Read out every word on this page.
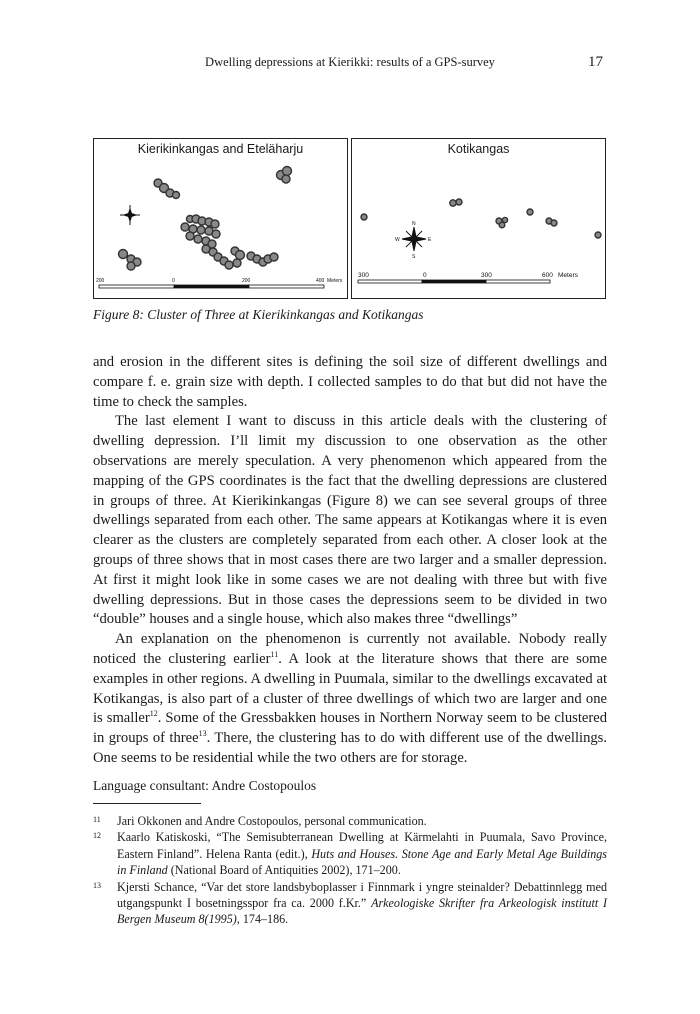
Dwelling depressions at Kierikki: results of a GPS-survey	17
Kierikinkangas and Eteläharju
200	0	200	400 Meters
Kotikangas
N
W	E
S
300	0	300	600 Meters
Figure 8: Cluster of Three at Kierikinkangas and Kotikangas

and erosion in the different sites is defining the soil size of different dwellings and compare f. e. grain size with depth. I collected samples to do that but did not have the time to check the samples.

The last element I want to discuss in this article deals with the clustering of dwelling depression. I’ll limit my discussion to one observation as the other observations are merely speculation. A very phenomenon which appeared from the mapping of the GPS coordinates is the fact that the dwelling depressions are clustered in groups of three. At Kierikinkangas (Figure 8) we can see several groups of three dwellings separated from each other. The same appears at Kotikangas where it is even clearer as the clusters are completely separated from each other. A closer look at the groups of three shows that in most cases there are two larger and a smaller depression. At first it might look like in some cases we are not dealing with three but with five dwelling depressions. But in those cases the depressions seem to be divided in two “double” houses and a single house, which also makes three “dwellings”

An explanation on the phenomenon is currently not available. Nobody really noticed the clustering earlier$^{11}$. A look at the literature shows that there are some examples in other regions. A dwelling in Puumala, similar to the dwellings excavated at Kotikangas, is also part of a cluster of three dwellings of which two are larger and one is smaller$^{12}$. Some of the Gressbakken houses in Northern Norway seem to be clustered in groups of three$^{13}$. There, the clustering has to do with different use of the dwellings. One seems to be residential while the two others are for storage.

Language consultant: Andre Costopoulos
11 Jari Okkonen and Andre Costopoulos, personal communication.
12 Kaarlo Katiskoski, “The Semisubterranean Dwelling at Kärmelahti in Puumala, Savo Province, Eastern Finland”. Helena Ranta (edit.), Huts and Houses. Stone Age and Early Metal Age Buildings in Finland (National Board of Antiquities 2002), 171–200.
13 Kjersti Schance, “Var det store landsbyboplasser i Finnmark i yngre steinalder? Debattinnlegg med utgangspunkt I bosetningsspor fra ca. 2000 f.Kr.” Arkeologiske Skrifter fra Arkeologisk institutt I Bergen Museum 8(1995), 174–186.
